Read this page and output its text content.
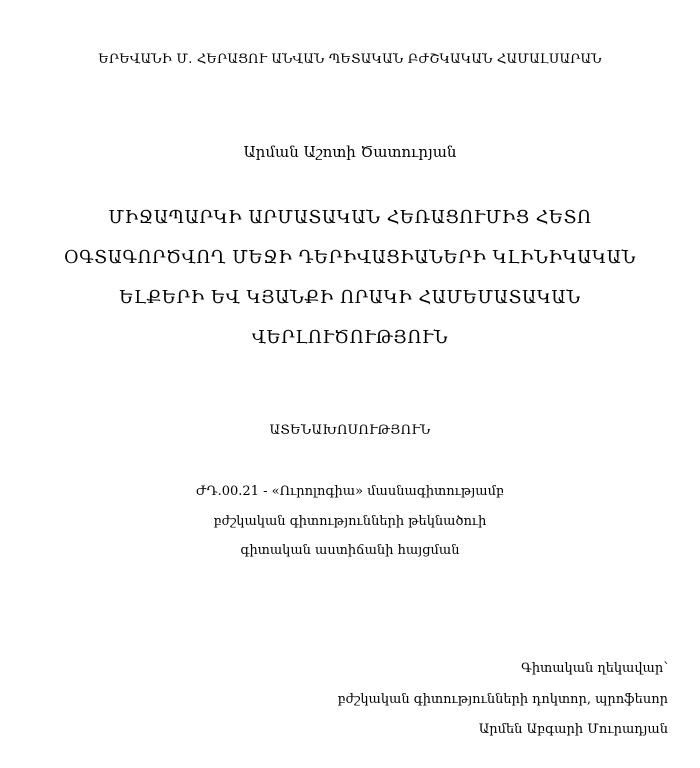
ԵՐԵՎԱՆԻ Մ. ՀԵՐԱՑՈՒ ԱՆՎԱՆ ՊԵՏԱԿԱՆ ԲԺՇԿԱԿԱՆ ՀԱՄԱԼՍԱՐԱՆ
Արման Աշոտի Ծատուրյան
ՄԻՋԱՊԱՐԿԻ ԱՐՄԱՏԱԿԱՆ ՀԵՌԱՑՈՒՄԻՑ ՀԵՏՈ
ՕԳՏԱԳՈՐԾՎՈՂ ՄԵՋԻ ԴԵՐԻՎԱՑԻԱՆԵՐԻ ԿԼԻՆԻԿԱԿԱՆ
ԵԼՔԵՐԻ ԵՎ ԿՅԱՆՔԻ ՈՐԱԿԻ ՀԱՄԵՄԱՏԱԿԱՆ
ՎԵՐԼՈՒԾՈՒԹՅՈՒՆ
ԱՏԵՆԱԽՈՍՈՒԹՅՈՒՆ
ԺԴ.00.21 - «Ուրոլոգիա» մասնագիտությամբ
բժշկական գիտությունների թեկնածուի
գիտական աստիճանի հայցման
Գիտական ղեկավար՝
բժշկական գիտությունների դոկտոր, պրոֆեսոր
Արմեն Աբգարի Մուրադյան
